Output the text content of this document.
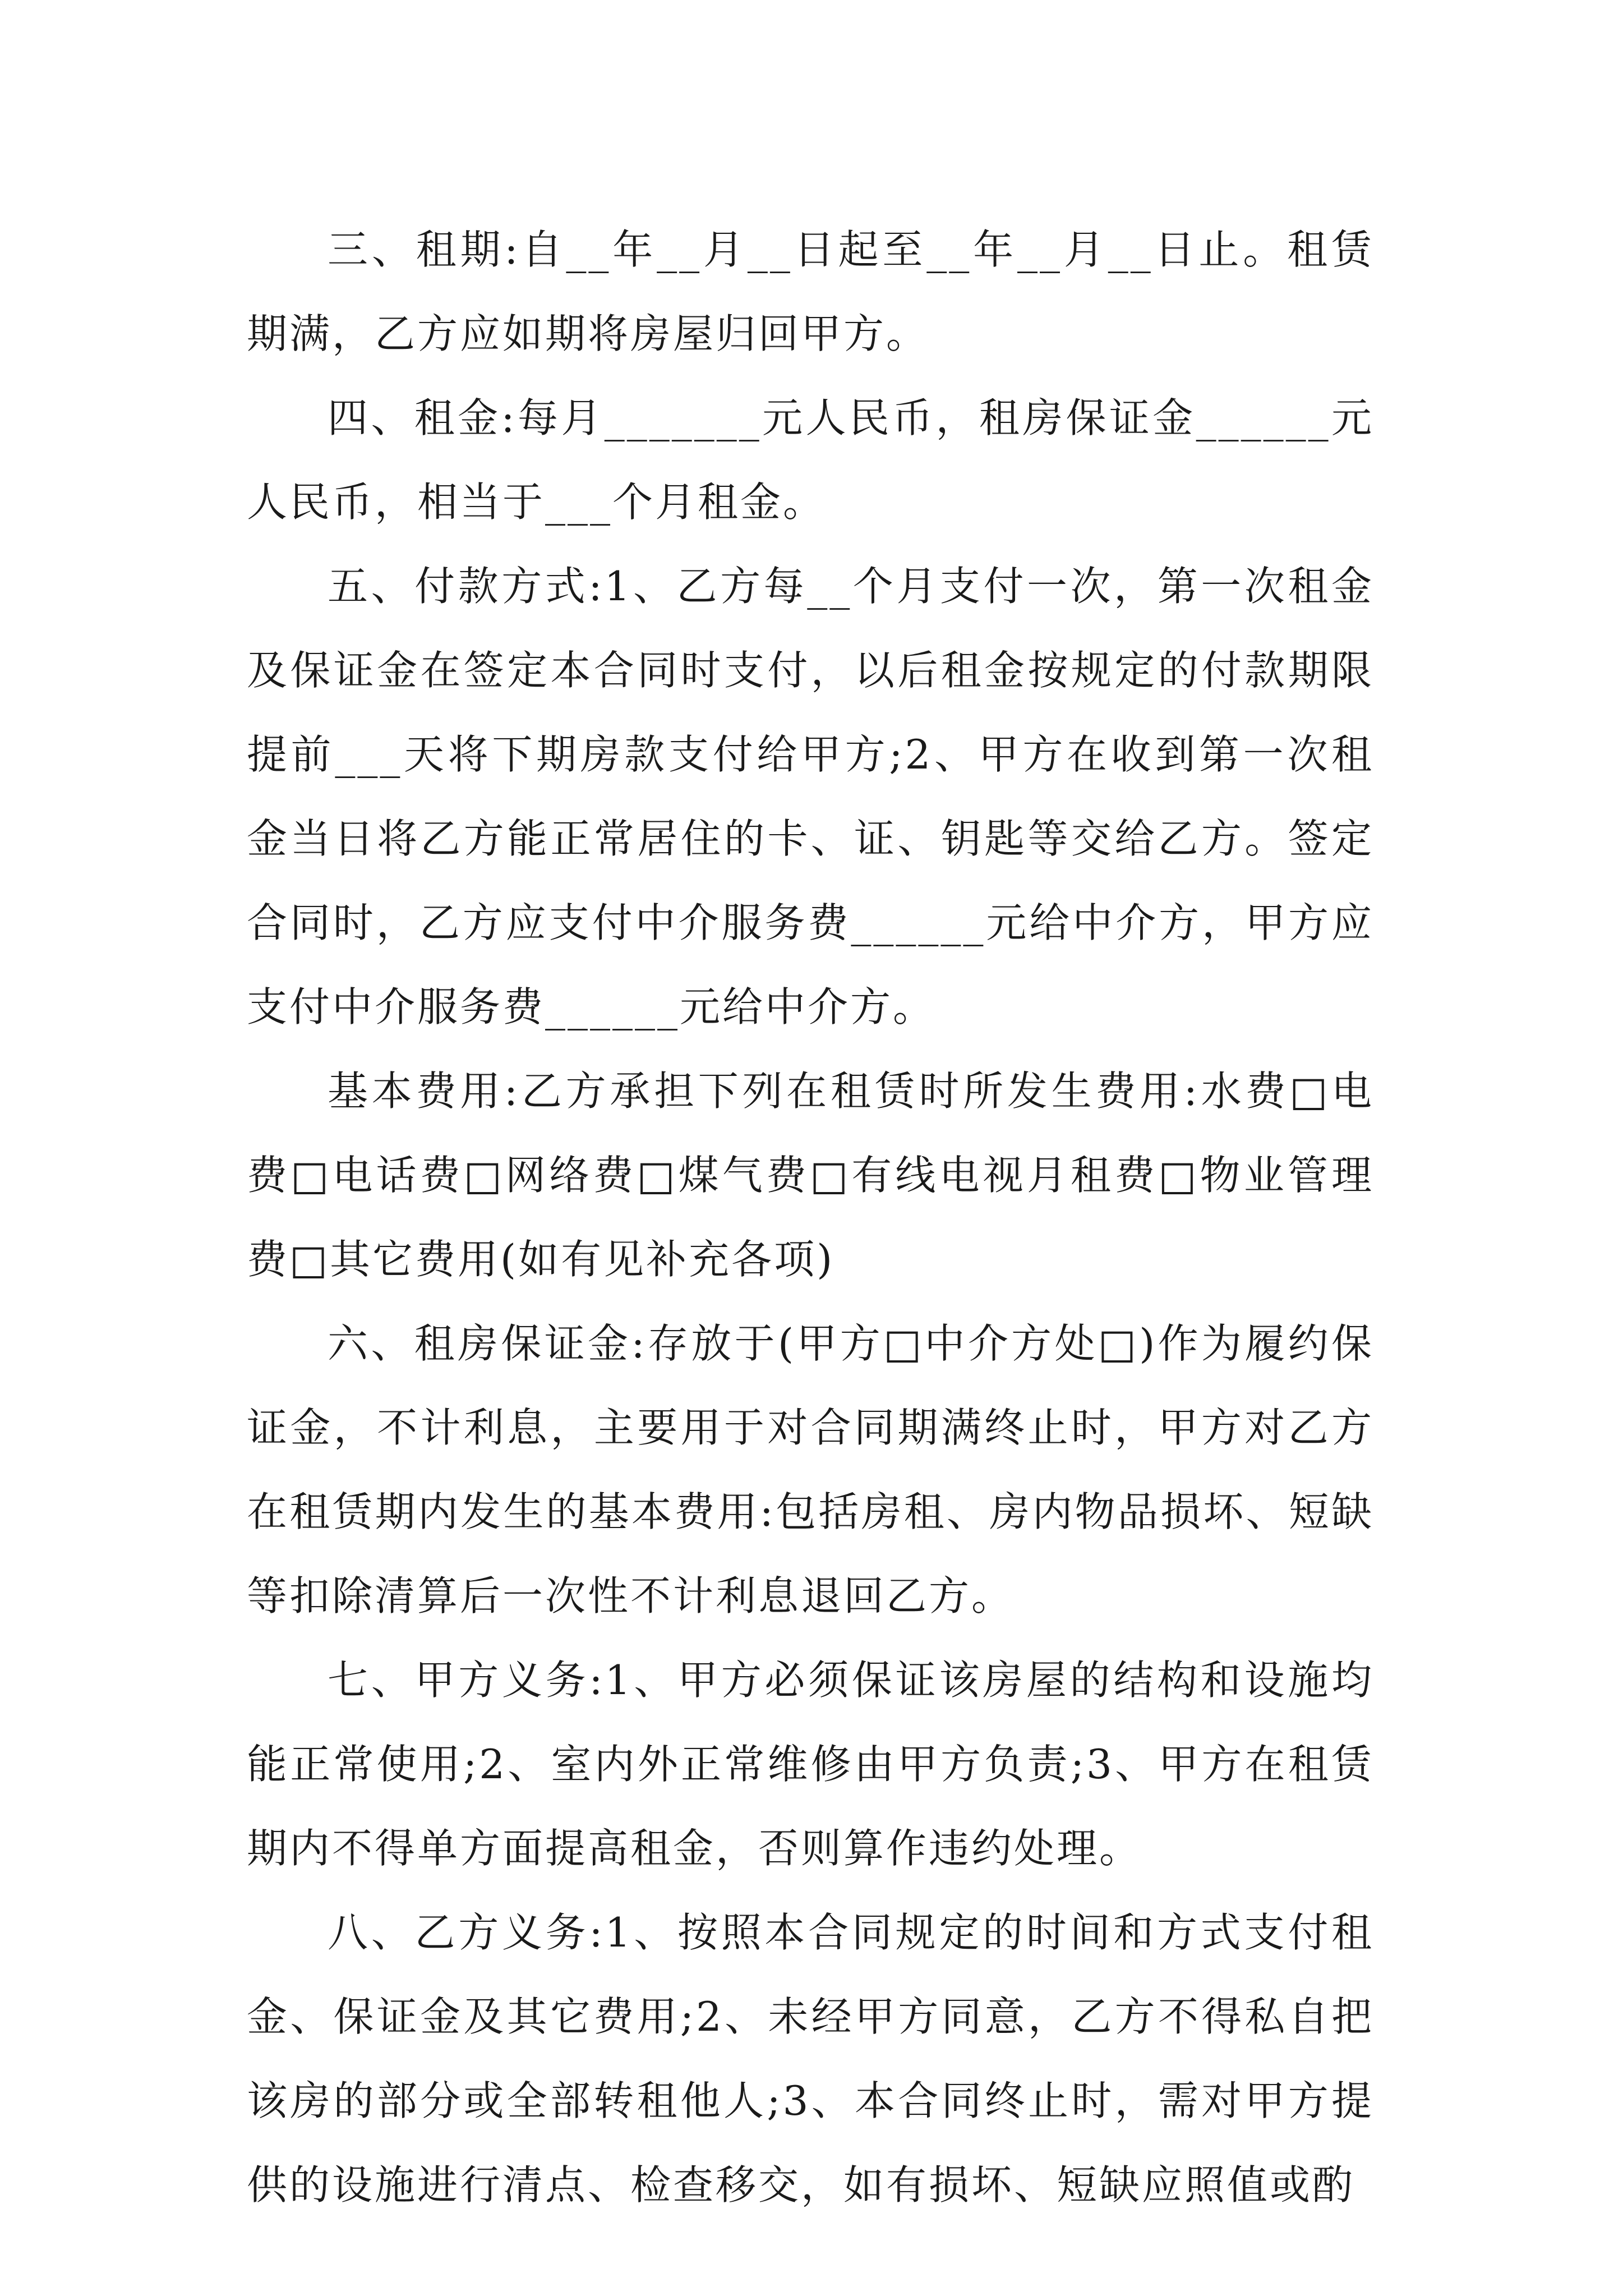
三、租期:自__年__月__日起至__年__月__日止。租赁期满，乙方应如期将房屋归回甲方。

四、租金:每月_______元人民币，租房保证金______元人民币，相当于___个月租金。

五、付款方式:1、乙方每__个月支付一次，第一次租金及保证金在签定本合同时支付，以后租金按规定的付款期限提前___天将下期房款支付给甲方;2、甲方在收到第一次租金当日将乙方能正常居住的卡、证、钥匙等交给乙方。签定合同时，乙方应支付中介服务费______元给中介方，甲方应支付中介服务费______元给中介方。

基本费用:乙方承担下列在租赁时所发生费用:水费□电费□电话费□网络费□煤气费□有线电视月租费□物业管理费□其它费用(如有见补充各项)

六、租房保证金:存放于(甲方□中介方处□)作为履约保证金，不计利息，主要用于对合同期满终止时，甲方对乙方在租赁期内发生的基本费用:包括房租、房内物品损坏、短缺等扣除清算后一次性不计利息退回乙方。

七、甲方义务:1、甲方必须保证该房屋的结构和设施均能正常使用;2、室内外正常维修由甲方负责;3、甲方在租赁期内不得单方面提高租金，否则算作违约处理。

八、乙方义务:1、按照本合同规定的时间和方式支付租金、保证金及其它费用;2、未经甲方同意，乙方不得私自把该房的部分或全部转租他人;3、本合同终止时，需对甲方提供的设施进行清点、检查移交，如有损坏、短缺应照值或酌
